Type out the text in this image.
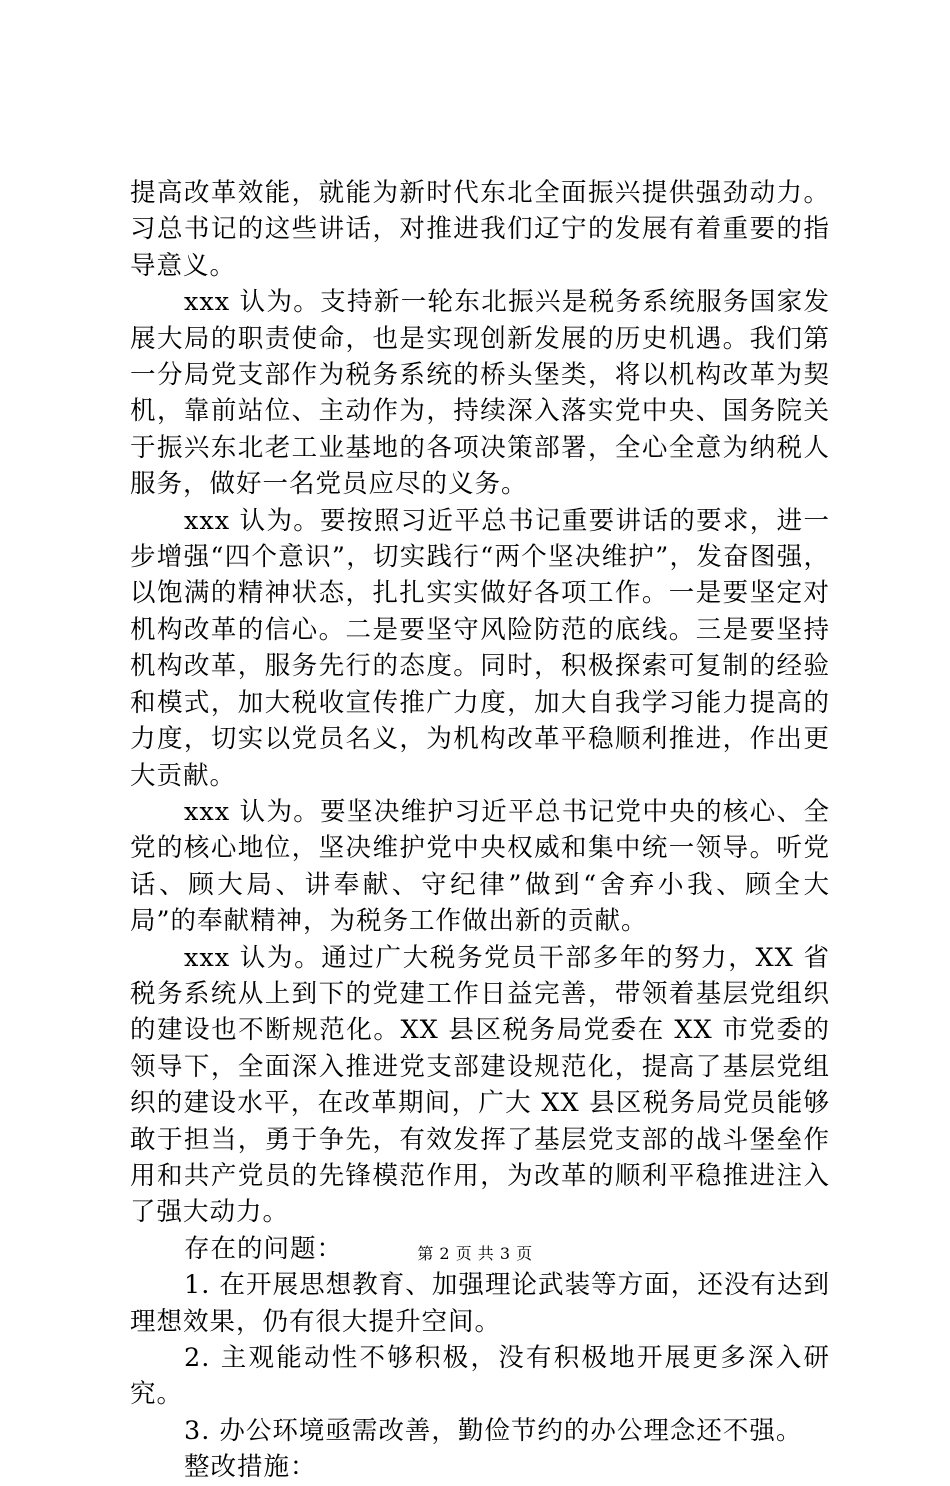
提高改革效能，就能为新时代东北全面振兴提供强劲动力。习总书记的这些讲话，对推进我们辽宁的发展有着重要的指导意义。

xxx 认为。支持新一轮东北振兴是税务系统服务国家发展大局的职责使命，也是实现创新发展的历史机遇。我们第一分局党支部作为税务系统的桥头堡类，将以机构改革为契机，靠前站位、主动作为，持续深入落实党中央、国务院关于振兴东北老工业基地的各项决策部署，全心全意为纳税人服务，做好一名党员应尽的义务。

xxx 认为。要按照习近平总书记重要讲话的要求，进一步增强“四个意识”，切实践行“两个坚决维护”，发奋图强，以饱满的精神状态，扎扎实实做好各项工作。一是要坚定对机构改革的信心。二是要坚守风险防范的底线。三是要坚持机构改革，服务先行的态度。同时，积极探索可复制的经验和模式，加大税收宣传推广力度，加大自我学习能力提高的力度，切实以党员名义，为机构改革平稳顺利推进，作出更大贡献。

xxx 认为。要坚决维护习近平总书记党中央的核心、全党的核心地位，坚决维护党中央权威和集中统一领导。听党话、顾大局、讲奉献、守纪律”做到“舍弃小我、顾全大局”的奉献精神，为税务工作做出新的贡献。

xxx 认为。通过广大税务党员干部多年的努力，XX 省税务系统从上到下的党建工作日益完善，带领着基层党组织的建设也不断规范化。XX 县区税务局党委在 XX 市党委的领导下，全面深入推进党支部建设规范化，提高了基层党组织的建设水平，在改革期间，广大 XX 县区税务局党员能够敢于担当，勇于争先，有效发挥了基层党支部的战斗堡垒作用和共产党员的先锋模范作用，为改革的顺利平稳推进注入了强大动力。

存在的问题：

1. 在开展思想教育、加强理论武装等方面，还没有达到理想效果，仍有很大提升空间。

2. 主观能动性不够积极，没有积极地开展更多深入研究。

3. 办公环境亟需改善，勤俭节约的办公理念还不强。

整改措施：

第 2 页 共 3 页
